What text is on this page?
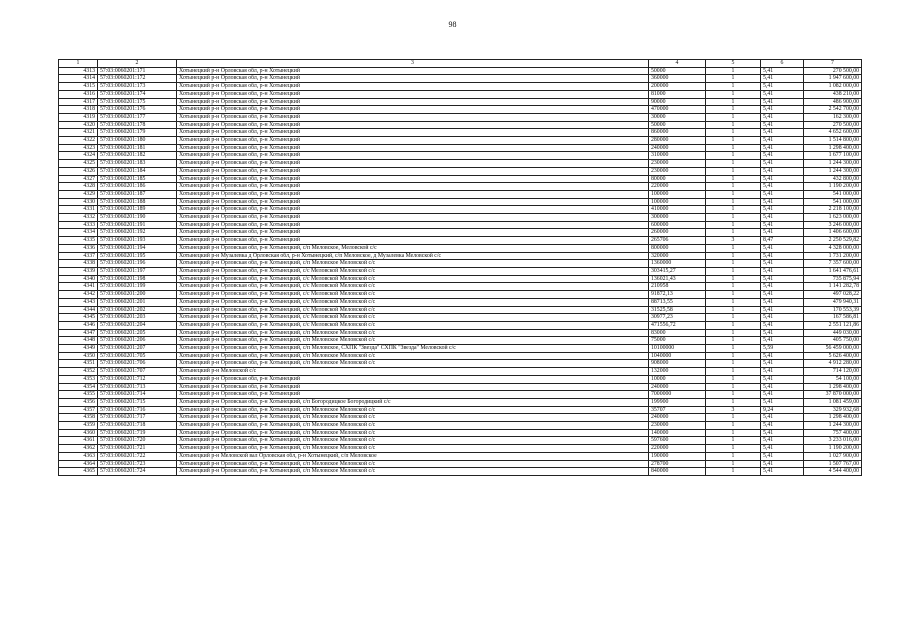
98
1	2	3	4	5	6	7
4313	57:03:0060201:171	Хотынецкий р-н Орловская обл, р-н Хотынецкий	50000	1	5,41	270 500,00
4314	57:03:0060201:172	Хотынецкий р-н Орловская обл, р-н Хотынецкий	360000	1	5,41	1 947 600,00
4315	57:03:0060201:173	Хотынецкий р-н Орловская обл, р-н Хотынецкий	200000	1	5,41	1 082 000,00
4316	57:03:0060201:174	Хотынецкий р-н Орловская обл, р-н Хотынецкий	81000	1	5,41	438 210,00
4317	57:03:0060201:175	Хотынецкий р-н Орловская обл, р-н Хотынецкий	90000	1	5,41	486 900,00
4318	57:03:0060201:176	Хотынецкий р-н Орловская обл, р-н Хотынецкий	470000	1	5,41	2 542 700,00
4319	57:03:0060201:177	Хотынецкий р-н Орловская обл, р-н Хотынецкий	30000	1	5,41	162 300,00
4320	57:03:0060201:178	Хотынецкий р-н Орловская обл, р-н Хотынецкий	50000	1	5,41	270 500,00
4321	57:03:0060201:179	Хотынецкий р-н Орловская обл, р-н Хотынецкий	860000	1	5,41	4 652 600,00
4322	57:03:0060201:180	Хотынецкий р-н Орловская обл, р-н Хотынецкий	280000	1	5,41	1 514 800,00
4323	57:03:0060201:181	Хотынецкий р-н Орловская обл, р-н Хотынецкий	240000	1	5,41	1 298 400,00
4324	57:03:0060201:182	Хотынецкий р-н Орловская обл, р-н Хотынецкий	310000	1	5,41	1 677 100,00
4325	57:03:0060201:183	Хотынецкий р-н Орловская обл, р-н Хотынецкий	230000	1	5,41	1 244 300,00
4326	57:03:0060201:184	Хотынецкий р-н Орловская обл, р-н Хотынецкий	230000	1	5,41	1 244 300,00
4327	57:03:0060201:185	Хотынецкий р-н Орловская обл, р-н Хотынецкий	80000	1	5,41	432 800,00
4328	57:03:0060201:186	Хотынецкий р-н Орловская обл, р-н Хотынецкий	220000	1	5,41	1 190 200,00
4329	57:03:0060201:187	Хотынецкий р-н Орловская обл, р-н Хотынецкий	100000	1	5,41	541 000,00
4330	57:03:0060201:188	Хотынецкий р-н Орловская обл, р-н Хотынецкий	100000	1	5,41	541 000,00
4331	57:03:0060201:189	Хотынецкий р-н Орловская обл, р-н Хотынецкий	410000	1	5,41	2 218 100,00
4332	57:03:0060201:190	Хотынецкий р-н Орловская обл, р-н Хотынецкий	300000	1	5,41	1 623 000,00
4333	57:03:0060201:191	Хотынецкий р-н Орловская обл, р-н Хотынецкий	600000	1	5,41	3 246 000,00
4334	57:03:0060201:192	Хотынецкий р-н Орловская обл, р-н Хотынецкий	260000	1	5,41	1 406 600,00
4335	57:03:0060201:193	Хотынецкий р-н Орловская обл, р-н Хотынецкий	265706	3	8,47	2 250 529,82
4336	57:03:0060201:194	Хотынецкий р-н Орловская обл, р-н Хотынецкий, с/п Меловское, Меловской с/с	800000	1	5,41	4 328 000,00
4337	57:03:0060201:195	Хотынецкий р-н Музалевка д Орловская обл, р-н Хотынецкий, с/п Меловское, д Музалевка Меловской с/с	320000	1	5,41	1 731 200,00
4338	57:03:0060201:196	Хотынецкий р-н Орловская обл, р-н Хотынецкий, с/п Меловское Меловской с/с	1360000	1	5,41	7 357 600,00
4339	57:03:0060201:197	Хотынецкий р-н Орловская обл, р-н Хотынецкий, с/с Меловской Меловской с/с	303415,27	1	5,41	1 641 476,61
4340	57:03:0060201:198	Хотынецкий р-н Орловская обл, р-н Хотынецкий, с/с Меловской Меловской с/с	136021,43	1	5,41	735 875,94
4341	57:03:0060201:199	Хотынецкий р-н Орловская обл, р-н Хотынецкий, с/с Меловской Меловской с/с	210958	1	5,41	1 141 282,78
4342	57:03:0060201:200	Хотынецкий р-н Орловская обл, р-н Хотынецкий, с/с Меловской Меловской с/с	91872,13	1	5,41	497 028,22
4343	57:03:0060201:201	Хотынецкий р-н Орловская обл, р-н Хотынецкий, с/с Меловской Меловской с/с	88713,55	1	5,41	479 940,31
4344	57:03:0060201:202	Хотынецкий р-н Орловская обл, р-н Хотынецкий, с/с Меловской Меловской с/с	31525,58	1	5,41	170 553,39
4345	57:03:0060201:203	Хотынецкий р-н Орловская обл, р-н Хотынецкий, с/с Меловской Меловской с/с	30977,23	1	5,41	167 586,81
4346	57:03:0060201:204	Хотынецкий р-н Орловская обл, р-н Хотынецкий, с/с Меловской Меловской с/с	471556,72	1	5,41	2 551 121,86
4347	57:03:0060201:205	Хотынецкий р-н Орловская обл, р-н Хотынецкий, с/п Меловское Меловской с/с	83000	1	5,41	449 030,00
4348	57:03:0060201:206	Хотынецкий р-н Орловская обл, р-н Хотынецкий, с/п Меловское Меловской с/с	75000	1	5,41	405 750,00
4349	57:03:0060201:207	Хотынецкий р-н Орловская обл, р-н Хотынецкий, с/п Меловское, СХПК "Звезда" СХПК "Звезда" Меловской с/с	10100000	1	5,59	56 459 000,00
4350	57:03:0060201:705	Хотынецкий р-н Орловская обл, р-н Хотынецкий, с/п Меловское Меловской с/с	1040000	1	5,41	5 626 400,00
4351	57:03:0060201:706	Хотынецкий р-н Орловская обл, р-н Хотынецкий, с/п Меловское Меловской с/с	908000	1	5,41	4 912 280,00
4352	57:03:0060201:707	Хотынецкий р-н Меловской с/с	132000	1	5,41	714 120,00
4353	57:03:0060201:712	Хотынецкий р-н Орловская обл, р-н Хотынецкий	10000	1	5,41	54 100,00
4354	57:03:0060201:713	Хотынецкий р-н Орловская обл, р-н Хотынецкий	240000	1	5,41	1 298 400,00
4355	57:03:0060201:714	Хотынецкий р-н Орловская обл, р-н Хотынецкий	7000000	1	5,41	37 870 000,00
4356	57:03:0060201:715	Хотынецкий р-н Орловская обл, р-н Хотынецкий, с/п Богородицкое Богородицкий с/с	199900	1	5,41	1 081 459,00
4357	57:03:0060201:716	Хотынецкий р-н Орловская обл, р-н Хотынецкий, с/п Меловское Меловской с/с	35707	3	9,24	329 932,68
4358	57:03:0060201:717	Хотынецкий р-н Орловская обл, р-н Хотынецкий, с/п Меловское Меловской с/с	240000	1	5,41	1 298 400,00
4359	57:03:0060201:718	Хотынецкий р-н Орловская обл, р-н Хотынецкий, с/п Меловское Меловской с/с	230000	1	5,41	1 244 300,00
4360	57:03:0060201:719	Хотынецкий р-н Орловская обл, р-н Хотынецкий, с/п Меловское Меловской с/с	140000	1	5,41	757 400,00
4361	57:03:0060201:720	Хотынецкий р-н Орловская обл, р-н Хотынецкий, с/п Меловское Меловской с/с	597600	1	5,41	3 233 016,00
4362	57:03:0060201:721	Хотынецкий р-н Орловская обл, р-н Хотынецкий, с/п Меловское Меловской с/с	220000	1	5,41	1 190 200,00
4363	57:03:0060201:722	Хотынецкий р-н Меловской вал Орловская обл, р-н Хотынецкий, с/п Меловское	190000	1	5,41	1 027 900,00
4364	57:03:0060201:723	Хотынецкий р-н Орловская обл, р-н Хотынецкий, с/п Меловское Меловской с/с	278700	1	5,41	1 507 767,00
4365	57:03:0060201:724	Хотынецкий р-н Орловская обл, р-н Хотынецкий, с/п Меловское Меловской с/с	840000	1	5,41	4 544 400,00
